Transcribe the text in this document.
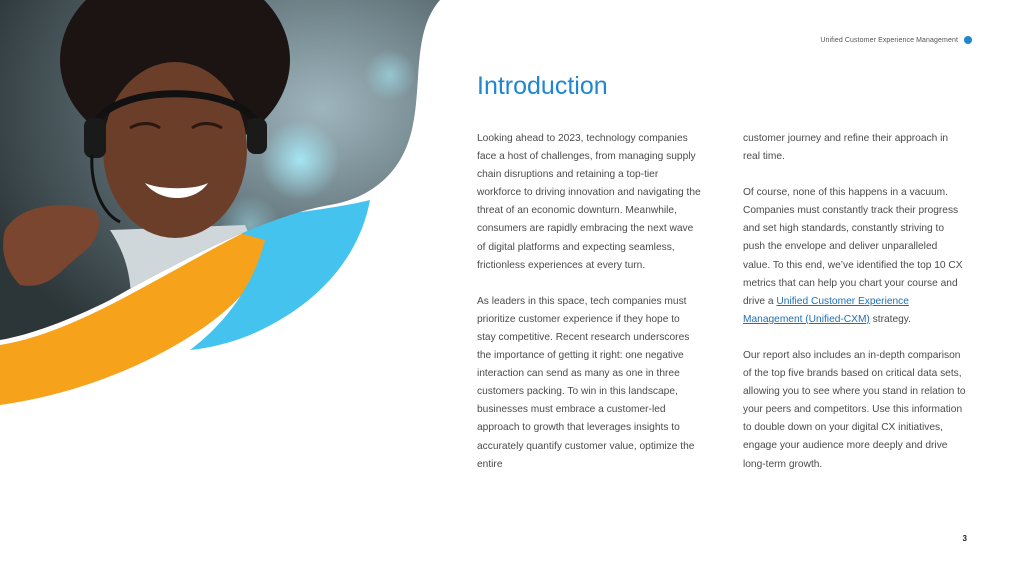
Unified Customer Experience Management
Introduction

Looking ahead to 2023, technology companies face a host of challenges, from managing supply chain disruptions and retaining a top-tier workforce to driving innovation and navigating the threat of an economic downturn. Meanwhile, consumers are rapidly embracing the next wave of digital platforms and expecting seamless, frictionless experiences at every turn.

As leaders in this space, tech companies must prioritize customer experience if they hope to stay competitive. Recent research underscores the importance of getting it right: one negative interaction can send as many as one in three customers packing. To win in this landscape, businesses must embrace a customer-led approach to growth that leverages insights to accurately quantify customer value, optimize the entire

customer journey and refine their approach in real time.

Of course, none of this happens in a vacuum. Companies must constantly track their progress and set high standards, constantly striving to push the envelope and deliver unparalleled value. To this end, we’ve identified the top 10 CX metrics that can help you chart your course and drive a Unified Customer Experience Management (Unified-CXM) strategy.

Our report also includes an in-depth comparison of the top five brands based on critical data sets, allowing you to see where you stand in relation to your peers and competitors. Use this information to double down on your digital CX initiatives, engage your audience more deeply and drive long-term growth.

3
